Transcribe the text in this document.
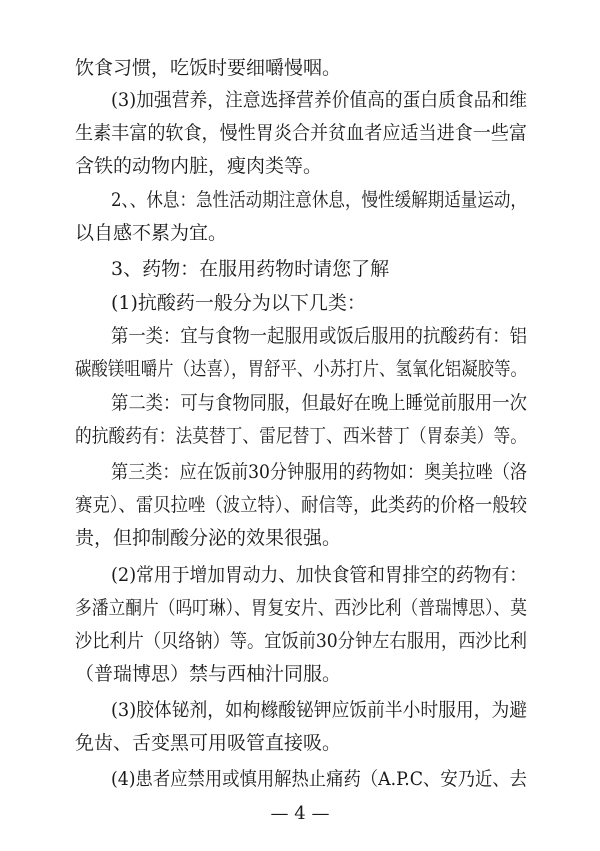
饮食习惯，吃饭时要细嚼慢咽。
(3)加强营养，注意选择营养价值高的蛋白质食品和维
生素丰富的软食，慢性胃炎合并贫血者应适当进食一些富
含铁的动物内脏，瘦肉类等。
2、、休息：急性活动期注意休息，慢性缓解期适量运动，
以自感不累为宜。
3、药物：在服用药物时请您了解
(1)抗酸药一般分为以下几类：
第一类：宜与食物一起服用或饭后服用的抗酸药有：铝
碳酸镁咀嚼片（达喜），胃舒平、小苏打片、氢氧化铝凝胶等。
第二类：可与食物同服，但最好在晚上睡觉前服用一次
的抗酸药有：法莫替丁、雷尼替丁、西米替丁（胃泰美）等。
第三类：应在饭前30分钟服用的药物如：奥美拉唑（洛
赛克）、雷贝拉唑（波立特）、耐信等，此类药的价格一般较
贵，但抑制酸分泌的效果很强。
(2)常用于增加胃动力、加快食管和胃排空的药物有：
多潘立酮片（吗叮琳）、胃复安片、西沙比利（普瑞博思）、莫
沙比利片（贝络钠）等。宜饭前30分钟左右服用，西沙比利
（普瑞博思）禁与西柚汁同服。
(3)胶体铋剂，如枸橼酸铋钾应饭前半小时服用，为避
免齿、舌变黑可用吸管直接吸。
(4)患者应禁用或慎用解热止痛药（A.P.C、安乃近、去
— 4 —
